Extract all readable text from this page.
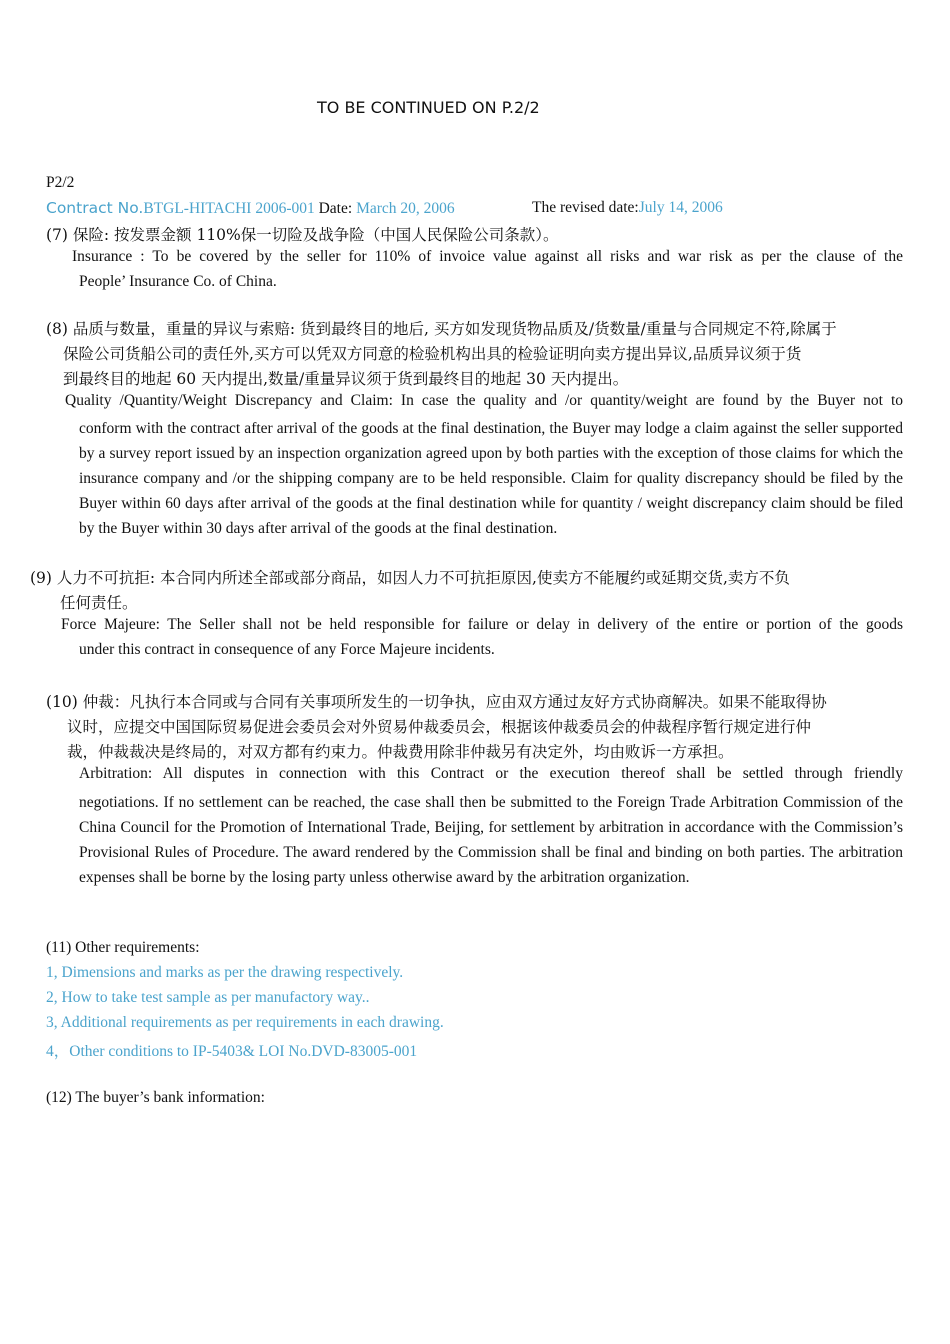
TO BE CONTINUED ON P.2/2
P2/2
Contract No.BTGL-HITACHI 2006-001 Date: March 20, 2006	The revised date:July 14, 2006
(7) 保险: 按发票金额 110%保一切险及战争险（中国人民保险公司条款）。
Insurance : To be covered by the seller for 110% of invoice value against all risks and war risk as per the clause of the
People’ Insurance Co. of China.
(8) 品质与数量，重量的异议与索赔: 货到最终目的地后, 买方如发现货物品质及/货数量/重量与合同规定不符,除属于
保险公司货船公司的责任外,买方可以凭双方同意的检验机构出具的检验证明向卖方提出异议,品质异议须于货
到最终目的地起 60 天内提出,数量/重量异议须于货到最终目的地起 30 天内提出。
Quality /Quantity/Weight Discrepancy and Claim: In case the quality and /or quantity/weight are found by the Buyer not to
conform with the contract after arrival of the goods at the final destination, the Buyer may lodge a claim against the seller supported by a survey report issued by an inspection organization agreed upon by both parties with the exception of those claims for which the insurance company and /or the shipping company are to be held responsible. Claim for quality discrepancy should be filed by the Buyer within 60 days after arrival of the goods at the final destination while for quantity / weight discrepancy claim should be filed by the Buyer within 30 days after arrival of the goods at the final destination.
(9) 人力不可抗拒: 本合同内所述全部或部分商品，如因人力不可抗拒原因,使卖方不能履约或延期交货,卖方不负
任何责任。
Force Majeure: The Seller shall not be held responsible for failure or delay in delivery of the entire or portion of the goods
under this contract in consequence of any Force Majeure incidents.
(10) 仲裁：凡执行本合同或与合同有关事项所发生的一切争执，应由双方通过友好方式协商解决。如果不能取得协
议时，应提交中国国际贸易促进会委员会对外贸易仲裁委员会，根据该仲裁委员会的仲裁程序暂行规定进行仲
裁，仲裁裁决是终局的，对双方都有约束力。仲裁费用除非仲裁另有决定外，均由败诉一方承担。
Arbitration: All disputes in connection with this Contract or the execution thereof shall be settled through friendly
negotiations. If no settlement can be reached, the case shall then be submitted to the Foreign Trade Arbitration Commission of the China Council for the Promotion of International Trade, Beijing, for settlement by arbitration in accordance with the Commission’s Provisional Rules of Procedure. The award rendered by the Commission shall be final and binding on both parties. The arbitration expenses shall be borne by the losing party unless otherwise award by the arbitration organization.
(11) Other requirements:
1, Dimensions and marks as per the drawing respectively.
2, How to take test sample as per manufactory way..
3, Additional requirements as per requirements in each drawing.
4，Other conditions to IP-5403& LOI No.DVD-83005-001
(12) The buyer’s bank information:
